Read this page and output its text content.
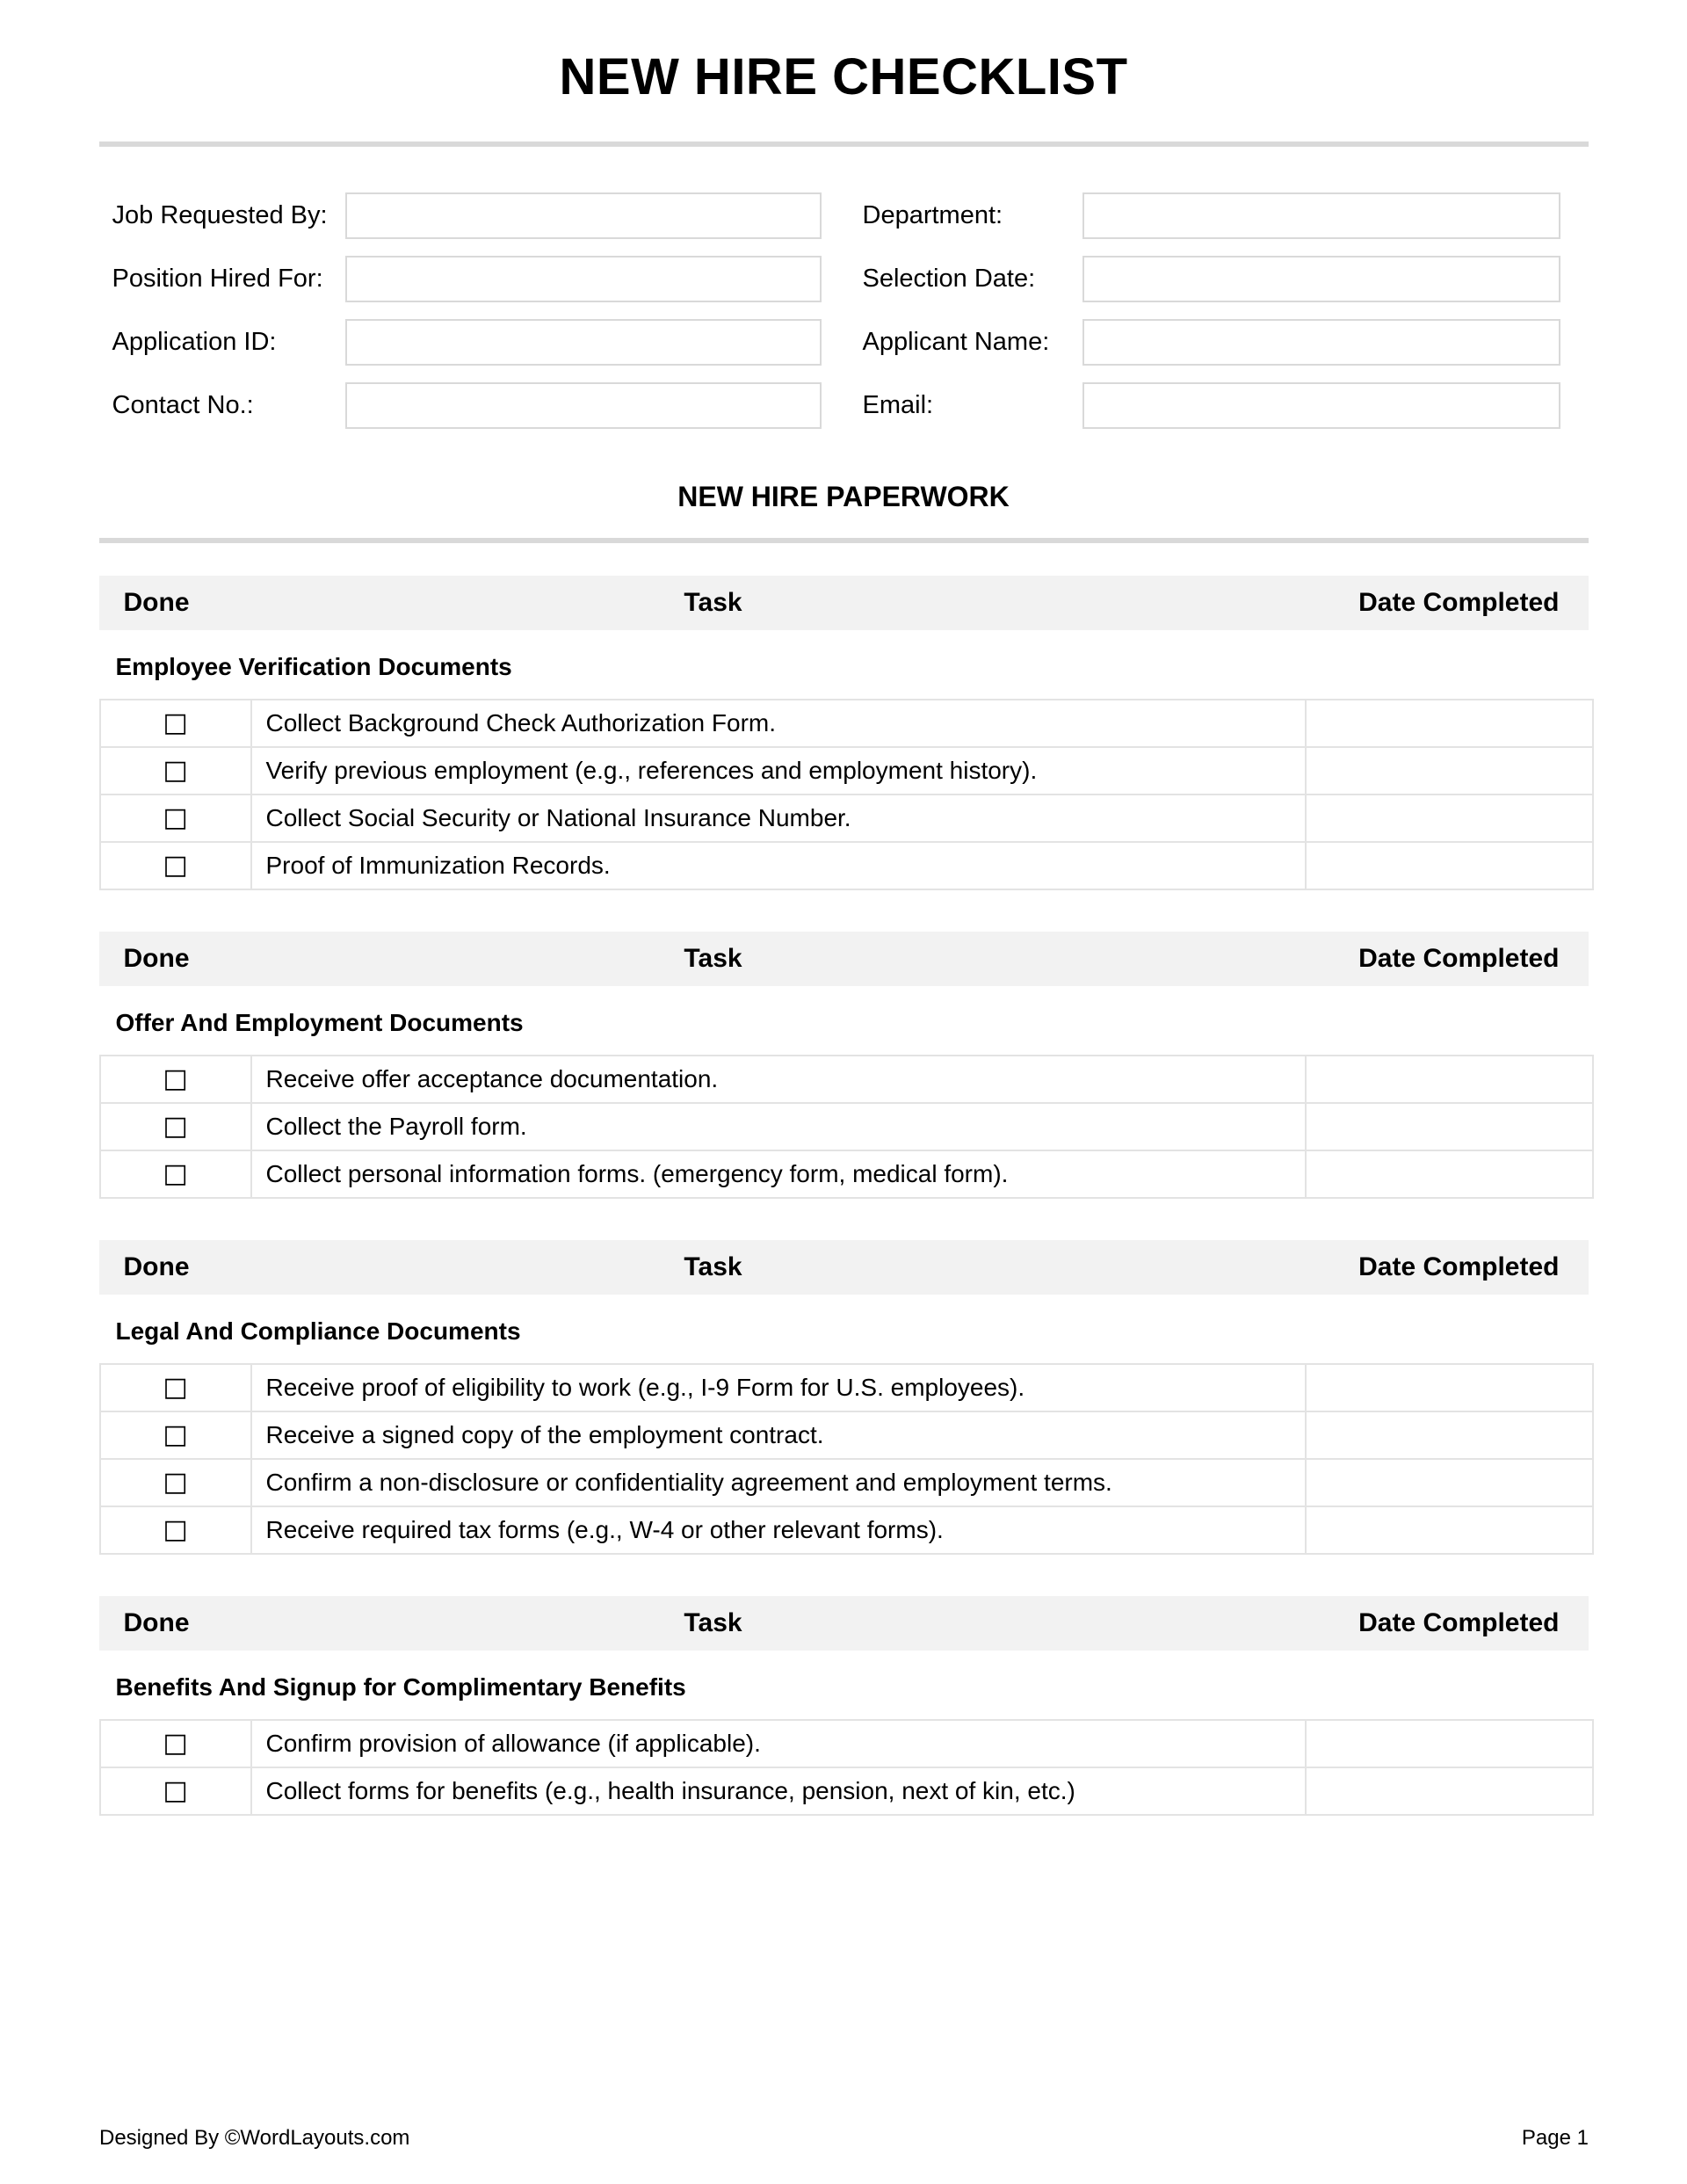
NEW HIRE CHECKLIST
Job Requested By:	Department:
Position Hired For:	Selection Date:
Application ID:	Applicant Name:
Contact No.:	Email:
NEW HIRE PAPERWORK
Done	Task	Date Completed
Employee Verification Documents
□	Collect Background Check Authorization Form.	
□	Verify previous employment (e.g., references and employment history).	
□	Collect Social Security or National Insurance Number.	
□	Proof of Immunization Records.	
Done	Task	Date Completed
Offer And Employment Documents
□	Receive offer acceptance documentation.	
□	Collect the Payroll form.	
□	Collect personal information forms. (emergency form, medical form).	
Done	Task	Date Completed
Legal And Compliance Documents
□	Receive proof of eligibility to work (e.g., I-9 Form for U.S. employees).	
□	Receive a signed copy of the employment contract.	
□	Confirm a non-disclosure or confidentiality agreement and employment terms.	
□	Receive required tax forms (e.g., W-4 or other relevant forms).	
Done	Task	Date Completed
Benefits And Signup for Complimentary Benefits
□	Confirm provision of allowance (if applicable).	
□	Collect forms for benefits (e.g., health insurance, pension, next of kin, etc.)	
Designed By ©WordLayouts.com	Page 1
